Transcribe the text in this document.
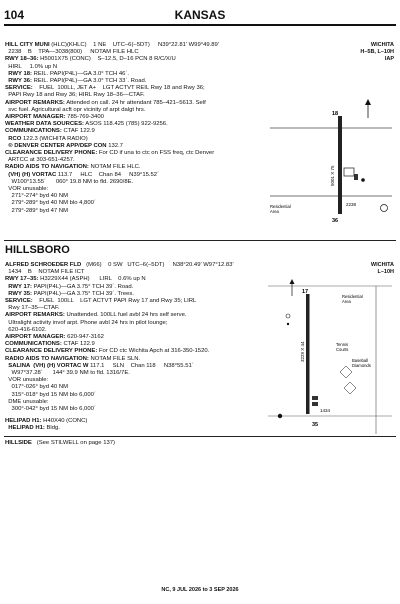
104	KANSAS
HILL CITY MUNI (HLC)(KHLC)    1 NE    UTC–6(–5DT)     N39°22.81′ W99°49.89′
2238    B    TPA—3038(800)     NOTAM FILE HLC
RWY 18–36: H5001X75 (CONC)    S–12.5, D–16 PCN 8 R/C/X/U
HIRL     1.0% up N
RWY 18: REIL. PAPI(P4L)—GA 3.0° TCH 46´.
RWY 36: REIL. PAPI(P4L)—GA 3.0° TCH 33´. Road.
SERVICE:    FUEL  100LL, JET A+    LGT ACTVT REIL Rwy 18 and Rwy 36;
PAPI Rwy 18 and Rwy 36; HIRL Rwy 18–36—CTAF.
AIRPORT REMARKS: Attended on call. 24 hr attendant 785–421–5613. Self
svc fuel. Agricultural acft opr vicinity of arpt dalgt hrs.
AIRPORT MANAGER: 785-769-3400
WEATHER DATA SOURCES: ASOS 118.425 (785) 922-9256.
COMMUNICATIONS: CTAF 122.9
RCO 122.3 (WICHITA RADIO)
® DENVER CENTER APP/DEP CON 132.7
CLEARANCE DELIVERY PHONE: For CD if una to ctc on FSS freq, ctc Denver
ARTCC at 303-651-4257.
RADIO AIDS TO NAVIGATION: NOTAM FILE HLC.
(VH) (H) VORTAC 113.7     HLC    Chan 84     N39°15.52´
W100°13.55´      060° 19.8 NM to fld. 2690/8E.
VOR unusable:
271°-274° byd 40 NM
279°-289° byd 40 NM blo 4,800´
279°-289° byd 47 NM
WICHITA
H–5B, L–10H
IAP
18
36
5001 X 75
2238
Residential Area
HILLSBORO
ALFRED SCHROEDER FLD   (M66)    0 SW   UTC–6(–5DT)     N38°20.49′ W97°12.83′
1434    B    NOTAM FILE ICT
RWY 17–35: H3229X44 (ASPH)      LIRL    0.6% up N
RWY 17: PAPI(P4L)—GA 3.75° TCH 39´. Road.
RWY 35: PAPI(P4L)—GA 3.75° TCH 39´. Trees.
SERVICE:    FUEL  100LL    LGT ACTVT PAPI Rwy 17 and Rwy 35; LIRL
Rwy 17–35—CTAF.
AIRPORT REMARKS: Unattended. 100LL fuel avbl 24 hrs self serve.
Ultralight activity invof arpt. Phone avbl 24 hrs in pilot lounge;
620-416-6102.
AIRPORT MANAGER: 620-947-3162
COMMUNICATIONS: CTAF 122.9
CLEARANCE DELIVERY PHONE: For CD ctc Wichita Apch at 316-350-1520.
RADIO AIDS TO NAVIGATION: NOTAM FILE SLN.
SALINA  (VH) (H) VORTAC W 117.1     SLN    Chan 118     N38°55.51´
W97°37.28´      144° 39.9 NM to fld. 1316/7E.
VOR unusable:
017°-026° byd 40 NM
315°-018° byd 15 NM blo 6,000´
DME unusable:
300°-042° byd 15 NM blo 6,000´
WICHITA
L–10H
HELIPAD H1: H40X40 (CONC)
HELIPAD H1: Bldg.
17
35
3229 X 44
1434
Residential Area
Tennis Courts
Baseball Diamonds
HILLSIDE   (See STILWELL on page 137)
NC, 9 JUL 2026 to 3 SEP 2026
